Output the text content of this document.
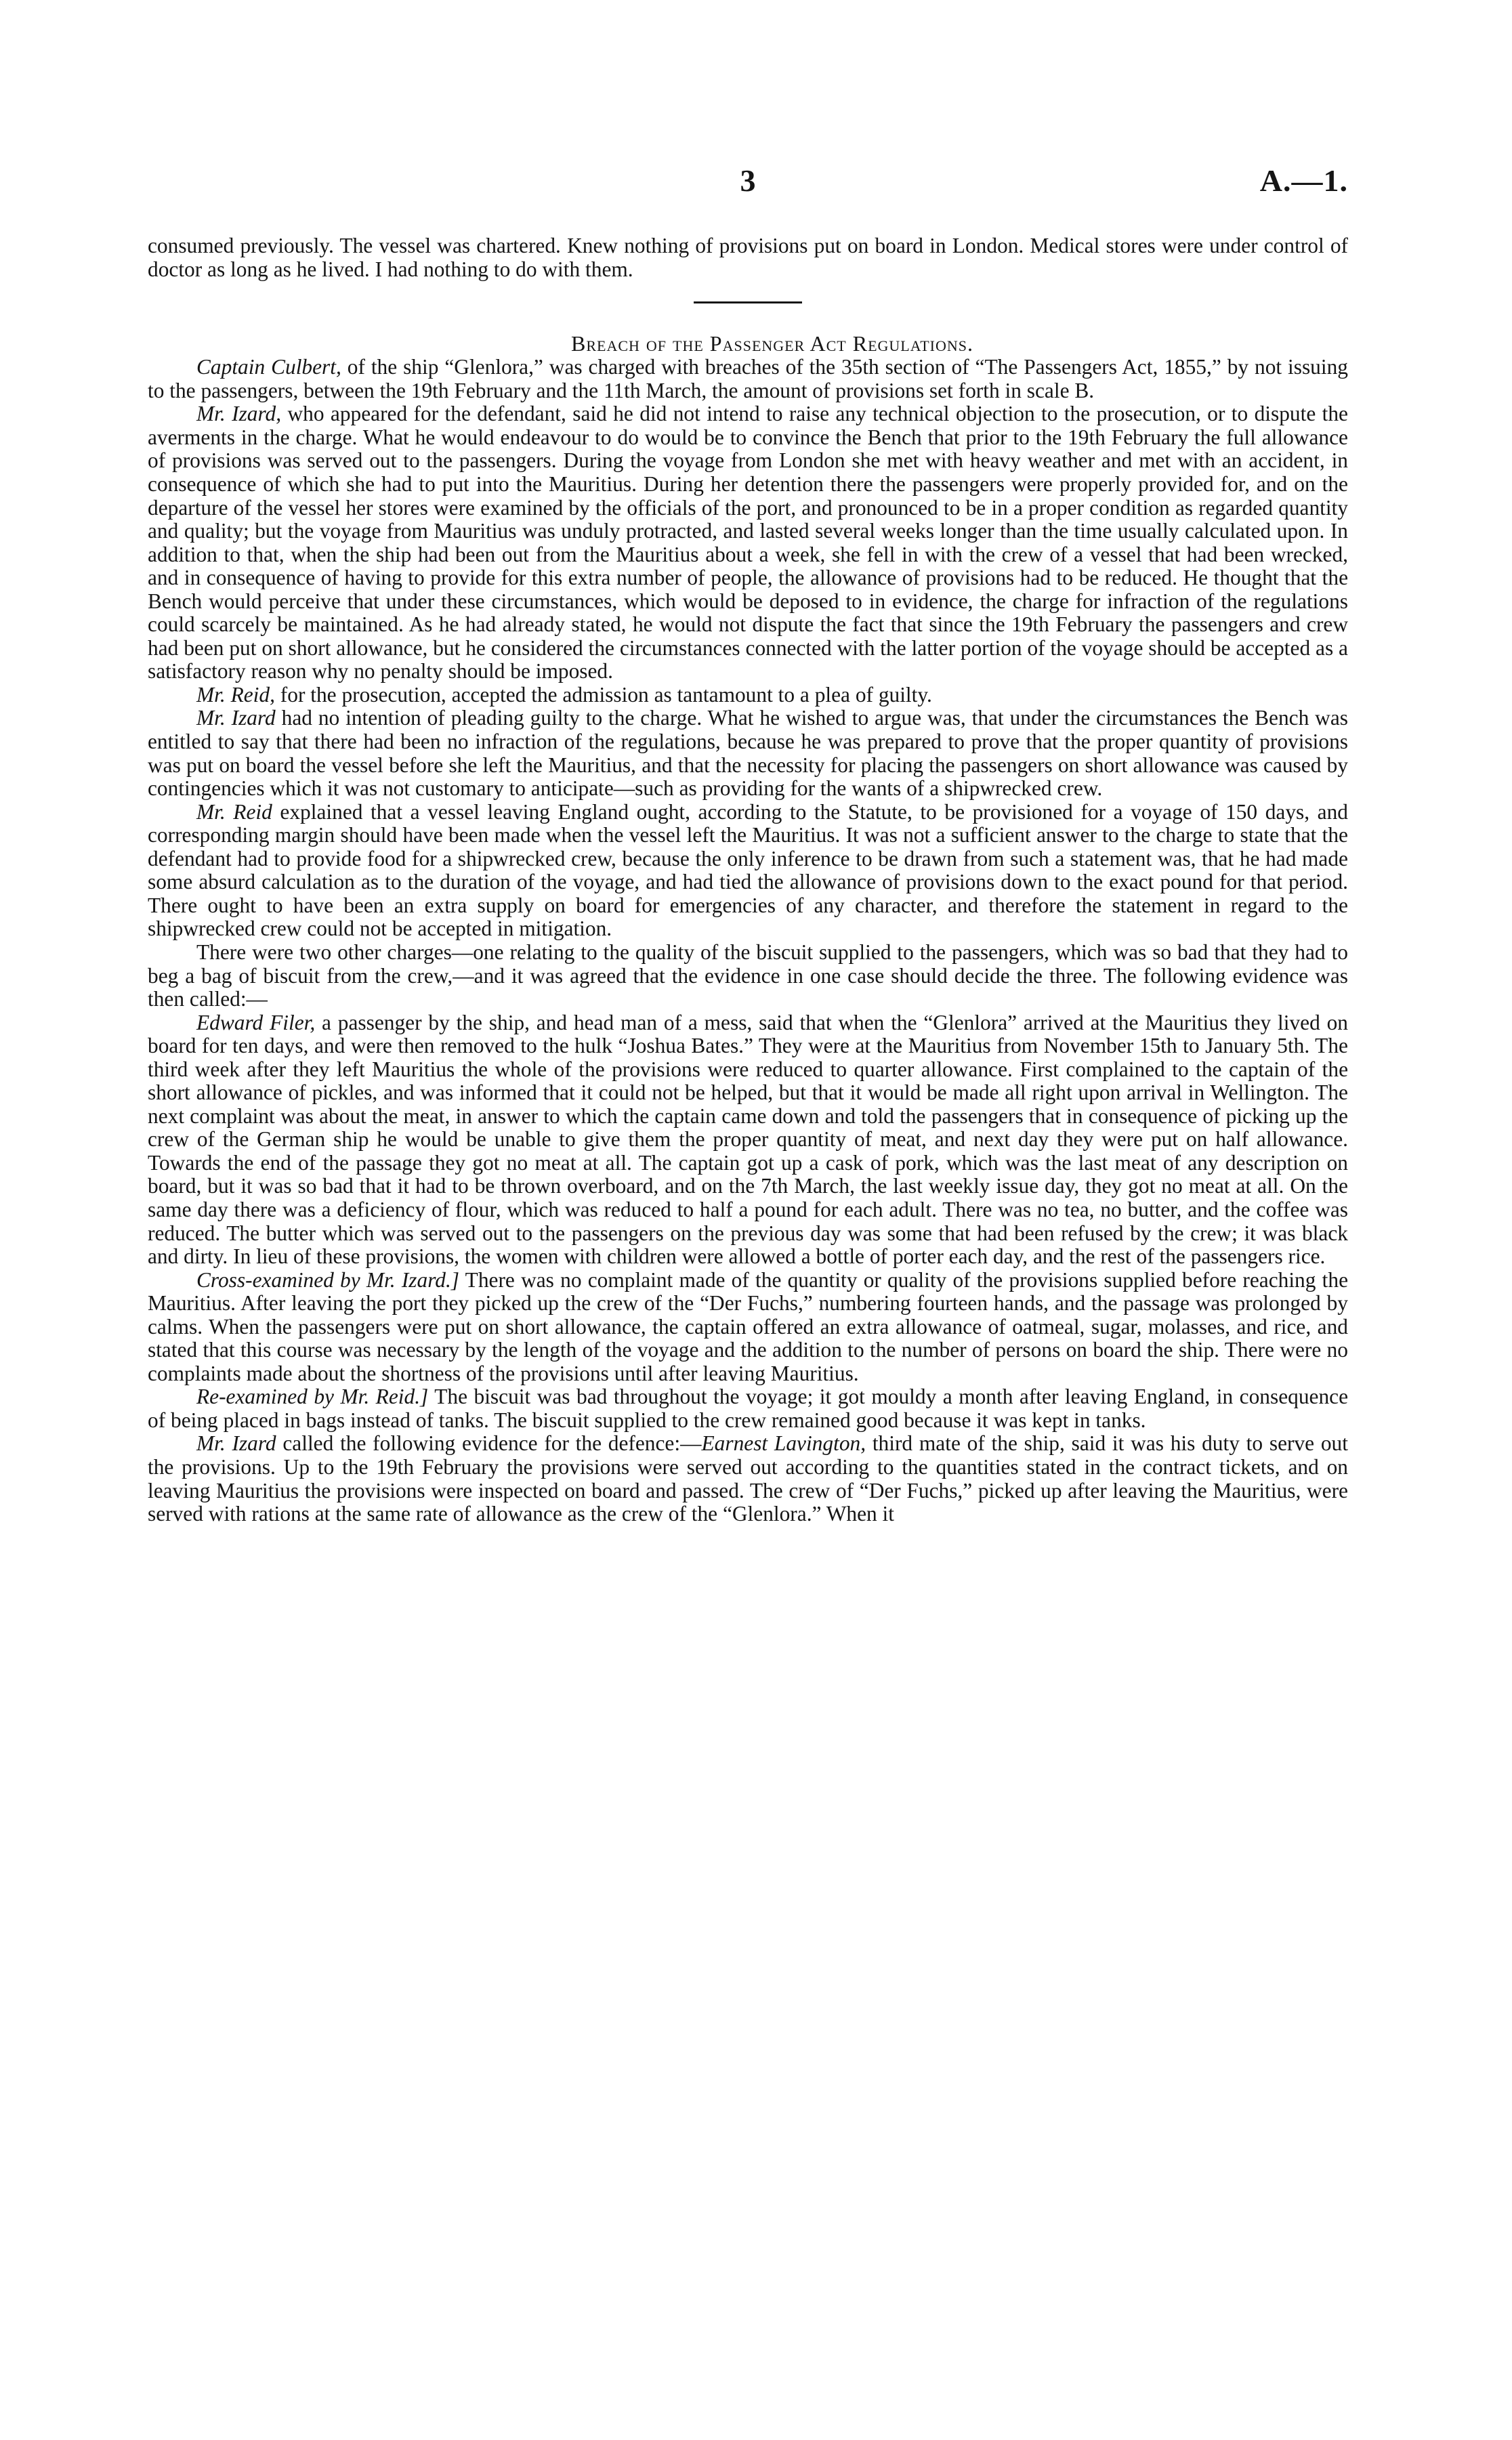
3	A.—1.

consumed previously. The vessel was chartered. Knew nothing of provisions put on board in London. Medical stores were under control of doctor as long as he lived. I had nothing to do with them.

Breach of the Passenger Act Regulations.

Captain Culbert, of the ship “Glenlora,” was charged with breaches of the 35th section of “The Passengers Act, 1855,” by not issuing to the passengers, between the 19th February and the 11th March, the amount of provisions set forth in scale B.

Mr. Izard, who appeared for the defendant, said he did not intend to raise any technical objection to the prosecution, or to dispute the averments in the charge. What he would endeavour to do would be to convince the Bench that prior to the 19th February the full allowance of provisions was served out to the passengers. During the voyage from London she met with heavy weather and met with an accident, in consequence of which she had to put into the Mauritius. During her detention there the passengers were properly provided for, and on the departure of the vessel her stores were examined by the officials of the port, and pronounced to be in a proper condition as regarded quantity and quality; but the voyage from Mauritius was unduly protracted, and lasted several weeks longer than the time usually calculated upon. In addition to that, when the ship had been out from the Mauritius about a week, she fell in with the crew of a vessel that had been wrecked, and in consequence of having to provide for this extra number of people, the allowance of provisions had to be reduced. He thought that the Bench would perceive that under these circumstances, which would be deposed to in evidence, the charge for infraction of the regulations could scarcely be maintained. As he had already stated, he would not dispute the fact that since the 19th February the passengers and crew had been put on short allowance, but he considered the circumstances connected with the latter portion of the voyage should be accepted as a satisfactory reason why no penalty should be imposed.

Mr. Reid, for the prosecution, accepted the admission as tantamount to a plea of guilty.

Mr. Izard had no intention of pleading guilty to the charge. What he wished to argue was, that under the circumstances the Bench was entitled to say that there had been no infraction of the regulations, because he was prepared to prove that the proper quantity of provisions was put on board the vessel before she left the Mauritius, and that the necessity for placing the passengers on short allowance was caused by contingencies which it was not customary to anticipate—such as providing for the wants of a shipwrecked crew.

Mr. Reid explained that a vessel leaving England ought, according to the Statute, to be provisioned for a voyage of 150 days, and corresponding margin should have been made when the vessel left the Mauritius. It was not a sufficient answer to the charge to state that the defendant had to provide food for a shipwrecked crew, because the only inference to be drawn from such a statement was, that he had made some absurd calculation as to the duration of the voyage, and had tied the allowance of provisions down to the exact pound for that period. There ought to have been an extra supply on board for emergencies of any character, and therefore the statement in regard to the shipwrecked crew could not be accepted in mitigation.

There were two other charges—one relating to the quality of the biscuit supplied to the passengers, which was so bad that they had to beg a bag of biscuit from the crew,—and it was agreed that the evidence in one case should decide the three. The following evidence was then called:—

Edward Filer, a passenger by the ship, and head man of a mess, said that when the “Glenlora” arrived at the Mauritius they lived on board for ten days, and were then removed to the hulk “Joshua Bates.” They were at the Mauritius from November 15th to January 5th. The third week after they left Mauritius the whole of the provisions were reduced to quarter allowance. First complained to the captain of the short allowance of pickles, and was informed that it could not be helped, but that it would be made all right upon arrival in Wellington. The next complaint was about the meat, in answer to which the captain came down and told the passengers that in consequence of picking up the crew of the German ship he would be unable to give them the proper quantity of meat, and next day they were put on half allowance. Towards the end of the passage they got no meat at all. The captain got up a cask of pork, which was the last meat of any description on board, but it was so bad that it had to be thrown overboard, and on the 7th March, the last weekly issue day, they got no meat at all. On the same day there was a deficiency of flour, which was reduced to half a pound for each adult. There was no tea, no butter, and the coffee was reduced. The butter which was served out to the passengers on the previous day was some that had been refused by the crew; it was black and dirty. In lieu of these provisions, the women with children were allowed a bottle of porter each day, and the rest of the passengers rice.

Cross-examined by Mr. Izard.] There was no complaint made of the quantity or quality of the provisions supplied before reaching the Mauritius. After leaving the port they picked up the crew of the “Der Fuchs,” numbering fourteen hands, and the passage was prolonged by calms. When the passengers were put on short allowance, the captain offered an extra allowance of oatmeal, sugar, molasses, and rice, and stated that this course was necessary by the length of the voyage and the addition to the number of persons on board the ship. There were no complaints made about the shortness of the provisions until after leaving Mauritius.

Re-examined by Mr. Reid.] The biscuit was bad throughout the voyage; it got mouldy a month after leaving England, in consequence of being placed in bags instead of tanks. The biscuit supplied to the crew remained good because it was kept in tanks.

Mr. Izard called the following evidence for the defence:—Earnest Lavington, third mate of the ship, said it was his duty to serve out the provisions. Up to the 19th February the provisions were served out according to the quantities stated in the contract tickets, and on leaving Mauritius the provisions were inspected on board and passed. The crew of “Der Fuchs,” picked up after leaving the Mauritius, were served with rations at the same rate of allowance as the crew of the “Glenlora.” When it
